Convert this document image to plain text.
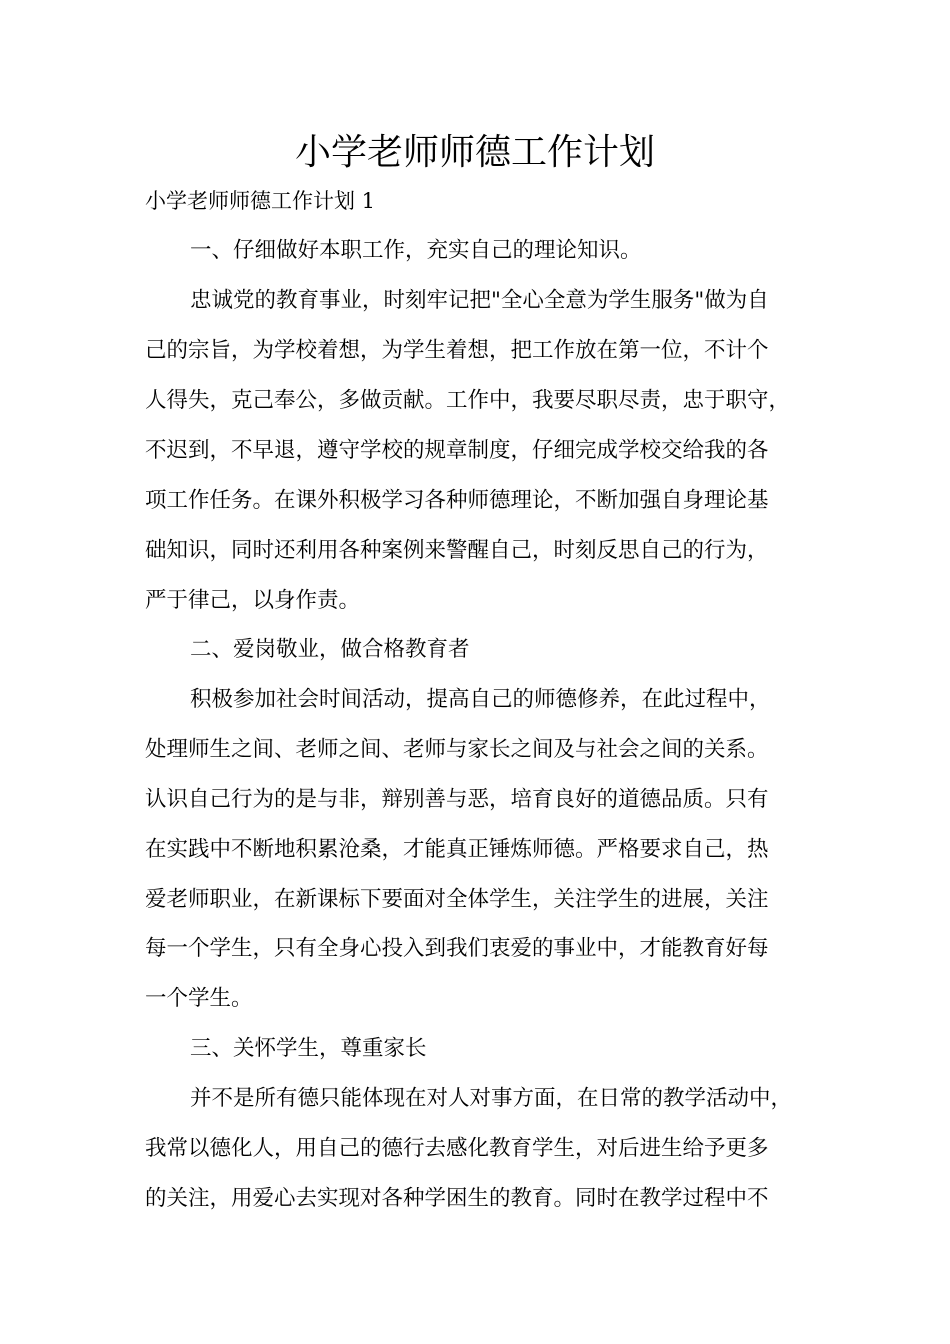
小学老师师德工作计划
小学老师师德工作计划 1
一、仔细做好本职工作，充实自己的理论知识。
忠诚党的教育事业，时刻牢记把"全心全意为学生服务"做为自
己的宗旨，为学校着想，为学生着想，把工作放在第一位，不计个
人得失，克己奉公，多做贡献。工作中，我要尽职尽责，忠于职守，
不迟到，不早退，遵守学校的规章制度，仔细完成学校交给我的各
项工作任务。在课外积极学习各种师德理论，不断加强自身理论基
础知识，同时还利用各种案例来警醒自己，时刻反思自己的行为，
严于律己，以身作责。
二、爱岗敬业，做合格教育者
积极参加社会时间活动，提高自己的师德修养，在此过程中，
处理师生之间、老师之间、老师与家长之间及与社会之间的关系。
认识自己行为的是与非，辩别善与恶，培育良好的道德品质。只有
在实践中不断地积累沧桑，才能真正锤炼师德。严格要求自己，热
爱老师职业，在新课标下要面对全体学生，关注学生的进展，关注
每一个学生，只有全身心投入到我们衷爱的事业中，才能教育好每
一个学生。
三、关怀学生，尊重家长
并不是所有德只能体现在对人对事方面，在日常的教学活动中，
我常以德化人，用自己的德行去感化教育学生，对后进生给予更多
的关注，用爱心去实现对各种学困生的教育。同时在教学过程中不
